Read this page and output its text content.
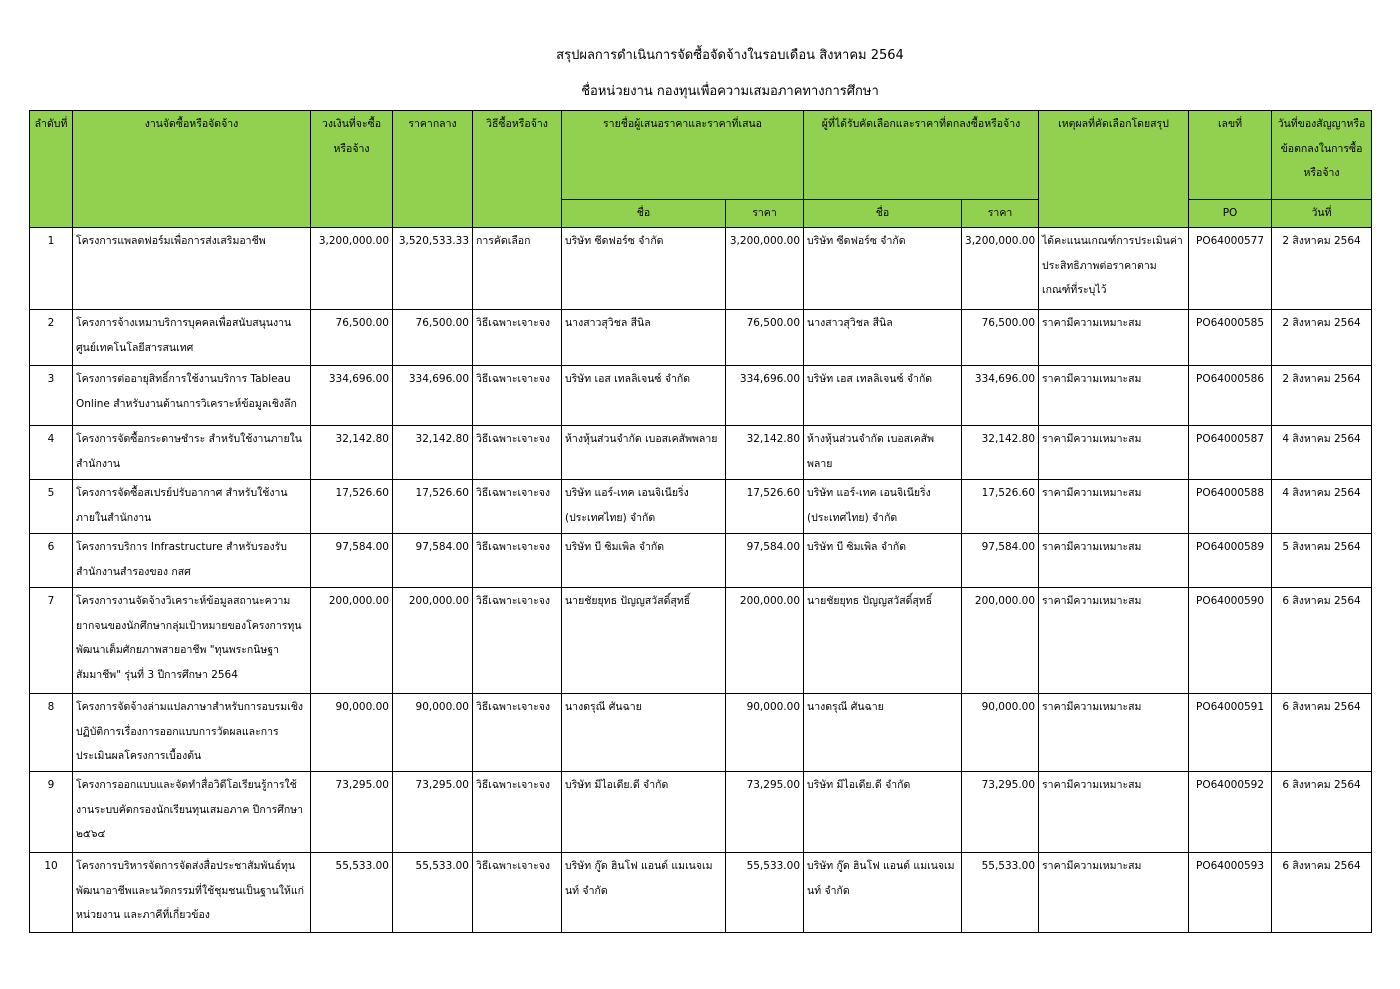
สรุปผลการดำเนินการจัดซื้อจัดจ้างในรอบเดือน สิงหาคม 2564
ชื่อหน่วยงาน กองทุนเพื่อความเสมอภาคทางการศึกษา
ลำดับที่	งานจัดซื้อหรือจัดจ้าง	วงเงินที่จะซื้อหรือจ้าง	ราคากลาง	วิธีซื้อหรือจ้าง	รายชื่อผู้เสนอราคาและราคาที่เสนอ		ผู้ที่ได้รับคัดเลือกและราคาที่ตกลงซื้อหรือจ้าง		เหตุผลที่คัดเลือกโดยสรุป	เลขที่	วันที่ของสัญญาหรือข้อตกลงในการซื้อหรือจ้าง
					ชื่อ	ราคา	ชื่อ	ราคา		PO	วันที่
1	โครงการแพลตฟอร์มเพื่อการส่งเสริมอาชีพ	3,200,000.00	3,520,533.33	การคัดเลือก	บริษัท ซีดฟอร์ซ จำกัด	3,200,000.00	บริษัท ซีดฟอร์ซ จำกัด	3,200,000.00	ได้คะแนนเกณฑ์การประเมินค่าประสิทธิภาพต่อราคาตามเกณฑ์ที่ระบุไว้	PO64000577	2 สิงหาคม 2564
2	โครงการจ้างเหมาบริการบุคคลเพื่อสนับสนุนงานศูนย์เทคโนโลยีสารสนเทศ	76,500.00	76,500.00	วิธีเฉพาะเจาะจง	นางสาวสุวิชล สีนิล	76,500.00	นางสาวสุวิชล สีนิล	76,500.00	ราคามีความเหมาะสม	PO64000585	2 สิงหาคม 2564
3	โครงการต่ออายุสิทธิ์การใช้งานบริการ Tableau Online สำหรับงานด้านการวิเคราะห์ข้อมูลเชิงลึก	334,696.00	334,696.00	วิธีเฉพาะเจาะจง	บริษัท เอส เทลลิเจนซ์ จำกัด	334,696.00	บริษัท เอส เทลลิเจนซ์ จำกัด	334,696.00	ราคามีความเหมาะสม	PO64000586	2 สิงหาคม 2564
4	โครงการจัดซื้อกระดาษชำระ สำหรับใช้งานภายในสำนักงาน	32,142.80	32,142.80	วิธีเฉพาะเจาะจง	ห้างหุ้นส่วนจำกัด เบอสเคสัพพลาย	32,142.80	ห้างหุ้นส่วนจำกัด เบอสเคสัพพลาย	32,142.80	ราคามีความเหมาะสม	PO64000587	4 สิงหาคม 2564
5	โครงการจัดซื้อสเปรย์ปรับอากาศ สำหรับใช้งานภายในสำนักงาน	17,526.60	17,526.60	วิธีเฉพาะเจาะจง	บริษัท แอร์-เทค เอนจิเนียริ่ง (ประเทศไทย) จำกัด	17,526.60	บริษัท แอร์-เทค เอนจิเนียริ่ง (ประเทศไทย) จำกัด	17,526.60	ราคามีความเหมาะสม	PO64000588	4 สิงหาคม 2564
6	โครงการบริการ Infrastructure สำหรับรองรับสำนักงานสำรองของ กสศ	97,584.00	97,584.00	วิธีเฉพาะเจาะจง	บริษัท บี ซิมเพิล จำกัด	97,584.00	บริษัท บี ซิมเพิล จำกัด	97,584.00	ราคามีความเหมาะสม	PO64000589	5 สิงหาคม 2564
7	โครงการงานจัดจ้างวิเคราะห์ข้อมูลสถานะความยากจนของนักศึกษากลุ่มเป้าหมายของโครงการทุนพัฒนาเต็มศักยภาพสายอาชีพ "ทุนพระกนิษฐาสัมมาชีพ" รุ่นที่ 3 ปีการศึกษา 2564	200,000.00	200,000.00	วิธีเฉพาะเจาะจง	นายชัยยุทธ ปัญญสวัสดิ์สุทธิ์	200,000.00	นายชัยยุทธ ปัญญสวัสดิ์สุทธิ์	200,000.00	ราคามีความเหมาะสม	PO64000590	6 สิงหาคม 2564
8	โครงการจัดจ้างล่ามแปลภาษาสำหรับการอบรมเชิงปฏิบัติการเรื่องการออกแบบการวัดผลและการประเมินผลโครงการเบื้องต้น	90,000.00	90,000.00	วิธีเฉพาะเจาะจง	นางดรุณี ศันฉาย	90,000.00	นางดรุณี ศันฉาย	90,000.00	ราคามีความเหมาะสม	PO64000591	6 สิงหาคม 2564
9	โครงการออกแบบและจัดทำสื่อวิดีโอเรียนรู้การใช้งานระบบคัดกรองนักเรียนทุนเสมอภาค ปีการศึกษา ๒๕๖๔	73,295.00	73,295.00	วิธีเฉพาะเจาะจง	บริษัท มีไอเดีย.ดี จำกัด	73,295.00	บริษัท มีไอเดีย.ดี จำกัด	73,295.00	ราคามีความเหมาะสม	PO64000592	6 สิงหาคม 2564
10	โครงการบริหารจัดการจัดส่งสื่อประชาสัมพันธ์ทุนพัฒนาอาชีพและนวัตกรรมที่ใช้ชุมชนเป็นฐานให้แก่หน่วยงาน และภาคีที่เกี่ยวข้อง	55,533.00	55,533.00	วิธีเฉพาะเจาะจง	บริษัท กู๊ด ฮินโฟ แอนด์ แมเนจเมนท์ จำกัด	55,533.00	บริษัท กู๊ด ฮินโฟ แอนด์ แมเนจเมนท์ จำกัด	55,533.00	ราคามีความเหมาะสม	PO64000593	6 สิงหาคม 2564
